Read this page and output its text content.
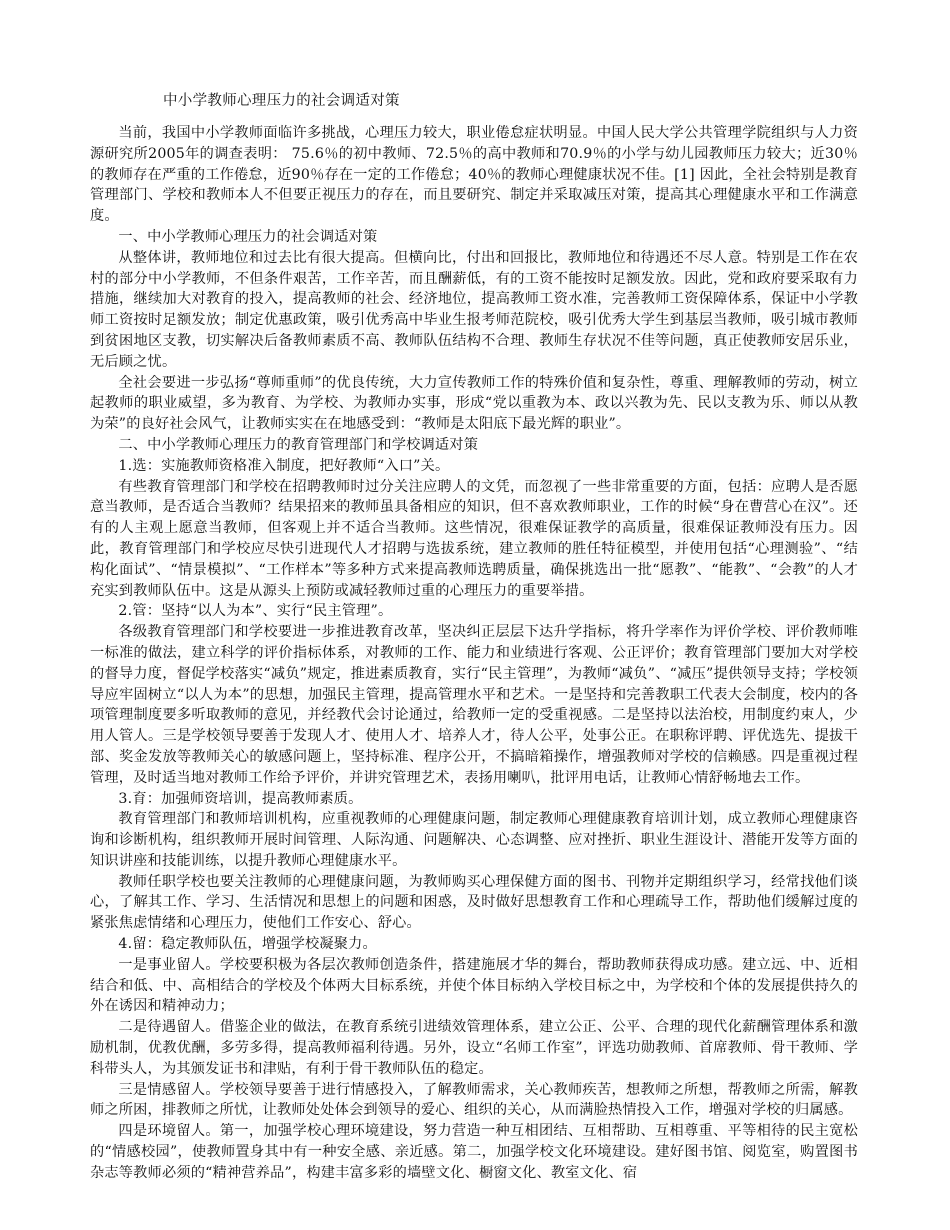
中小学教师心理压力的社会调适对策

当前，我国中小学教师面临许多挑战，心理压力较大，职业倦怠症状明显。中国人民大学公共管理学院组织与人力资源研究所2005年的调查表明： 75.6％的初中教师、72.5％的高中教师和70.9％的小学与幼儿园教师压力较大；近30％的教师存在严重的工作倦怠，近90％存在一定的工作倦怠；40％的教师心理健康状况不佳。[1] 因此，全社会特别是教育管理部门、学校和教师本人不但要正视压力的存在，而且要研究、制定并采取减压对策，提高其心理健康水平和工作满意度。

一、中小学教师心理压力的社会调适对策

从整体讲，教师地位和过去比有很大提高。但横向比，付出和回报比，教师地位和待遇还不尽人意。特别是工作在农村的部分中小学教师，不但条件艰苦，工作辛苦，而且酬薪低，有的工资不能按时足额发放。因此，党和政府要采取有力措施，继续加大对教育的投入，提高教师的社会、经济地位，提高教师工资水准，完善教师工资保障体系，保证中小学教师工资按时足额发放；制定优惠政策，吸引优秀高中毕业生报考师范院校，吸引优秀大学生到基层当教师，吸引城市教师到贫困地区支教，切实解决后备教师素质不高、教师队伍结构不合理、教师生存状况不佳等问题，真正使教师安居乐业，无后顾之忧。

全社会要进一步弘扬“尊师重师”的优良传统，大力宣传教师工作的特殊价值和复杂性，尊重、理解教师的劳动，树立起教师的职业威望，多为教育、为学校、为教师办实事，形成“党以重教为本、政以兴教为先、民以支教为乐、师以从教为荣”的良好社会风气，让教师实实在在地感受到：“教师是太阳底下最光辉的职业”。

二、中小学教师心理压力的教育管理部门和学校调适对策

1.选：实施教师资格准入制度，把好教师“入口”关。

有些教育管理部门和学校在招聘教师时过分关注应聘人的文凭，而忽视了一些非常重要的方面，包括：应聘人是否愿意当教师，是否适合当教师？结果招来的教师虽具备相应的知识，但不喜欢教师职业，工作的时候“身在曹营心在汉”。还有的人主观上愿意当教师，但客观上并不适合当教师。这些情况，很难保证教学的高质量，很难保证教师没有压力。因此，教育管理部门和学校应尽快引进现代人才招聘与选拔系统，建立教师的胜任特征模型，并使用包括“心理测验”、“结构化面试”、“情景模拟”、“工作样本”等多种方式来提高教师选聘质量，确保挑选出一批“愿教”、“能教”、“会教”的人才充实到教师队伍中。这是从源头上预防或减轻教师过重的心理压力的重要举措。

2.管：坚持“以人为本”、实行“民主管理”。

各级教育管理部门和学校要进一步推进教育改革，坚决纠正层层下达升学指标，将升学率作为评价学校、评价教师唯一标准的做法，建立科学的评价指标体系，对教师的工作、能力和业绩进行客观、公正评价；教育管理部门要加大对学校的督导力度，督促学校落实“减负”规定，推进素质教育，实行“民主管理”，为教师“减负”、“减压”提供领导支持；学校领导应牢固树立“以人为本”的思想，加强民主管理，提高管理水平和艺术。一是坚持和完善教职工代表大会制度，校内的各项管理制度要多听取教师的意见，并经教代会讨论通过，给教师一定的受重视感。二是坚持以法治校，用制度约束人，少用人管人。三是学校领导要善于发现人才、使用人才、培养人才，待人公平，处事公正。在职称评聘、评优选先、提拔干部、奖金发放等教师关心的敏感问题上，坚持标准、程序公开，不搞暗箱操作，增强教师对学校的信赖感。四是重视过程管理，及时适当地对教师工作给予评价，并讲究管理艺术，表扬用喇叭，批评用电话，让教师心情舒畅地去工作。

3.育：加强师资培训，提高教师素质。

教育管理部门和教师培训机构，应重视教师的心理健康问题，制定教师心理健康教育培训计划，成立教师心理健康咨询和诊断机构，组织教师开展时间管理、人际沟通、问题解决、心态调整、应对挫折、职业生涯设计、潜能开发等方面的知识讲座和技能训练，以提升教师心理健康水平。

教师任职学校也要关注教师的心理健康问题，为教师购买心理保健方面的图书、刊物并定期组织学习，经常找他们谈心，了解其工作、学习、生活情况和思想上的问题和困惑，及时做好思想教育工作和心理疏导工作，帮助他们缓解过度的紧张焦虑情绪和心理压力，使他们工作安心、舒心。

4.留：稳定教师队伍，增强学校凝聚力。

一是事业留人。学校要积极为各层次教师创造条件，搭建施展才华的舞台，帮助教师获得成功感。建立远、中、近相结合和低、中、高相结合的学校及个体两大目标系统，并使个体目标纳入学校目标之中，为学校和个体的发展提供持久的外在诱因和精神动力；

二是待遇留人。借鉴企业的做法，在教育系统引进绩效管理体系，建立公正、公平、合理的现代化薪酬管理体系和激励机制，优教优酬，多劳多得，提高教师福利待遇。另外，设立“名师工作室”，评选功勋教师、首席教师、骨干教师、学科带头人，为其颁发证书和津贴，有利于骨干教师队伍的稳定。

三是情感留人。学校领导要善于进行情感投入，了解教师需求，关心教师疾苦，想教师之所想，帮教师之所需，解教师之所困，排教师之所忧，让教师处处体会到领导的爱心、组织的关心，从而满脸热情投入工作，增强对学校的归属感。

四是环境留人。第一，加强学校心理环境建设，努力营造一种互相团结、互相帮助、互相尊重、平等相待的民主宽松的“情感校园”，使教师置身其中有一种安全感、亲近感。第二，加强学校文化环境建设。建好图书馆、阅览室，购置图书杂志等教师必须的“精神营养品”，构建丰富多彩的墙壁文化、橱窗文化、教室文化、宿
